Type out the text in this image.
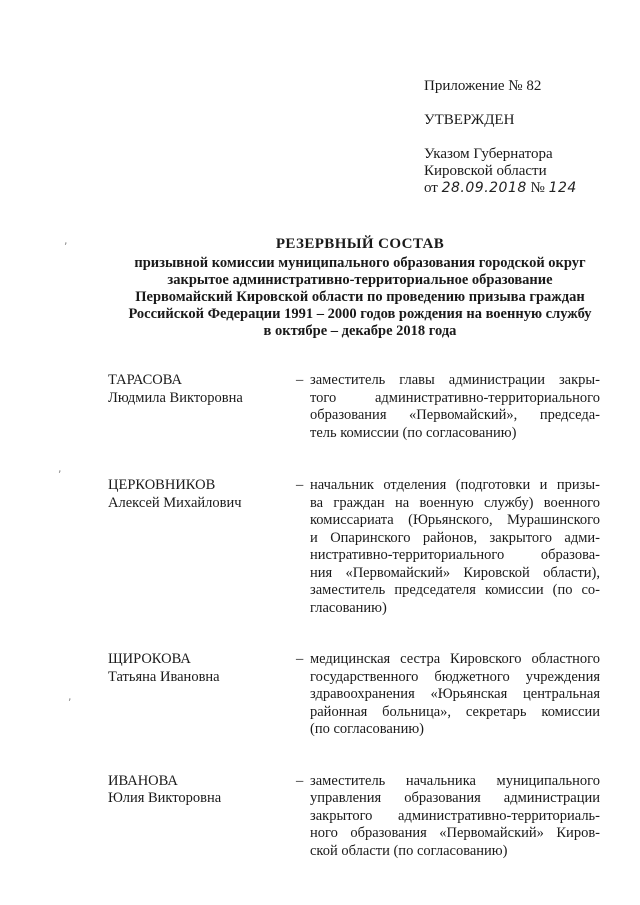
Приложение № 82
УТВЕРЖДЕН
Указом Губернатора
Кировской области
от 28.09.2018 № 124
РЕЗЕРВНЫЙ СОСТАВ
призывной комиссии муниципального образования городской округ
закрытое административно-территориальное образование
Первомайский Кировской области по проведению призыва граждан
Российской Федерации 1991 – 2000 годов рождения на военную службу
в октябре – декабре 2018 года
ТАРАСОВА
Людмила Викторовна
– заместитель главы администрации закры-
того административно-территориального
образования «Первомайский», председа-
тель комиссии (по согласованию)
ЦЕРКОВНИКОВ
Алексей Михайлович
– начальник отделения (подготовки и призы-
ва граждан на военную службу) военного
комиссариата (Юрьянского, Мурашинского
и Опаринского районов, закрытого адми-
нистративно-территориального образова-
ния «Первомайский» Кировской области),
заместитель председателя комиссии (по со-
гласованию)
ЩИРОКОВА
Татьяна Ивановна
– медицинская сестра Кировского областного
государственного бюджетного учреждения
здравоохранения «Юрьянская центральная
районная больница», секретарь комиссии
(по согласованию)
ИВАНОВА
Юлия Викторовна
– заместитель начальника муниципального
управления образования администрации
закрытого административно-территориаль-
ного образования «Первомайский» Киров-
ской области (по согласованию)
,
,
,
